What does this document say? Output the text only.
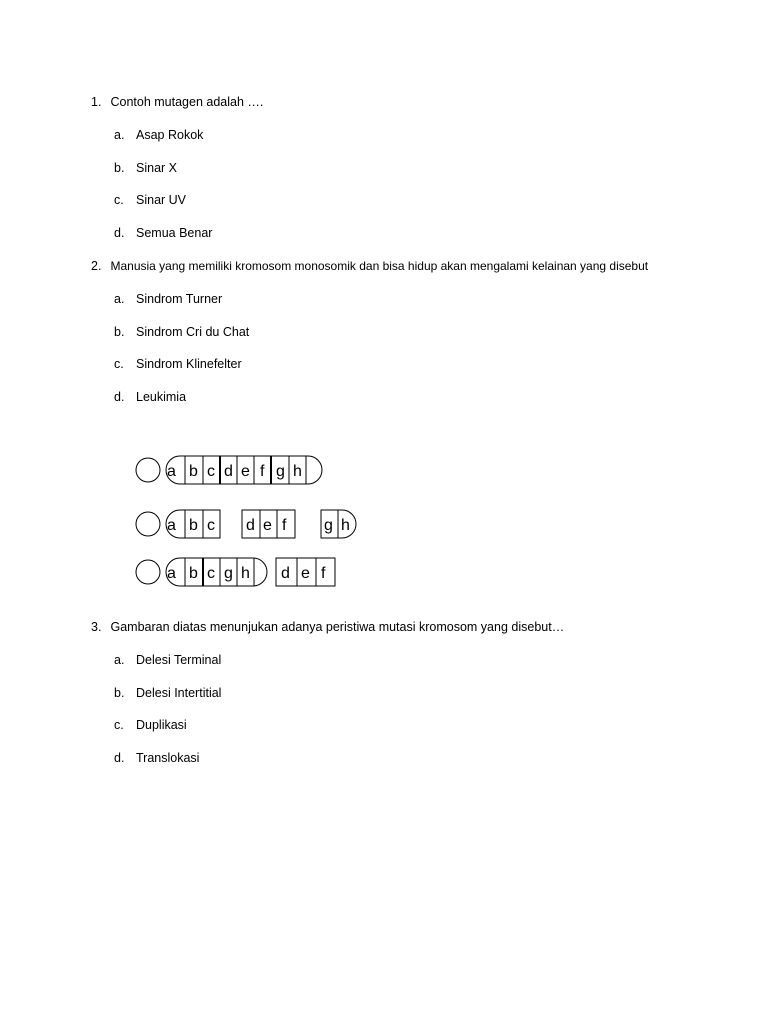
1. Contoh mutagen adalah ….
a. Asap Rokok
b. Sinar X
c. Sinar UV
d. Semua Benar
2. Manusia yang memiliki kromosom monosomik dan bisa hidup akan mengalami kelainan yang disebut
a. Sindrom Turner
b. Sindrom Cri du Chat
c. Sindrom Klinefelter
d. Leukimia
a b c d e f g h
a b c d e f g h
a b c g h d e f
3. Gambaran diatas menunjukan adanya peristiwa mutasi kromosom yang disebut…
a. Delesi Terminal
b. Delesi Intertitial
c. Duplikasi
d. Translokasi
